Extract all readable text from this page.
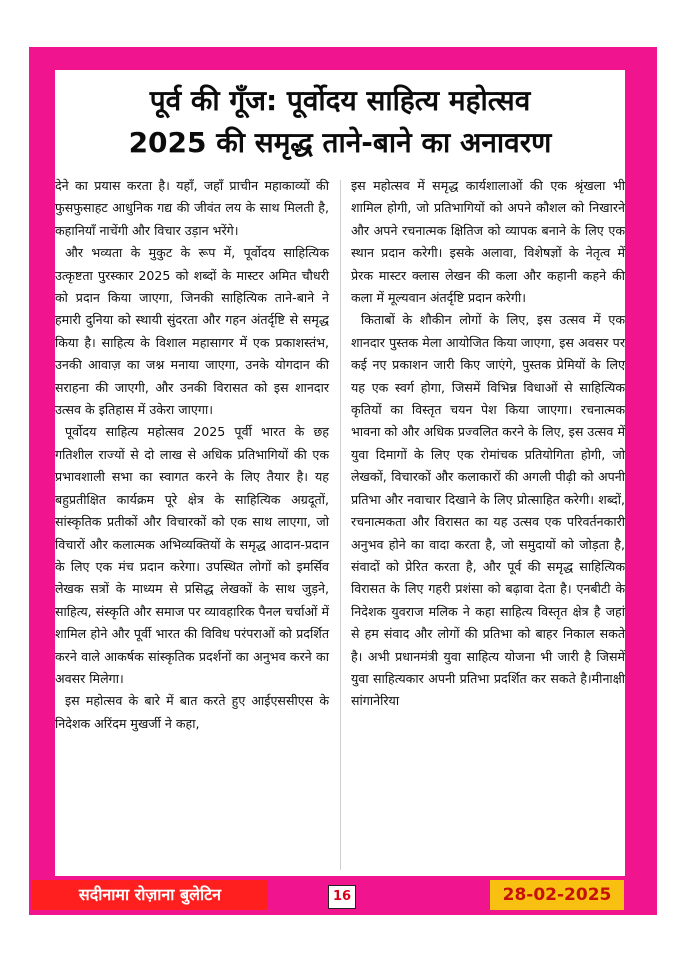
पूर्व की गूँज: पूर्वोदय साहित्य महोत्सव
2025 की समृद्ध ताने-बाने का अनावरण

देने का प्रयास करता है। यहाँ, जहाँ प्राचीन महाकाव्यों की फुसफुसाहट आधुनिक गद्य की जीवंत लय के साथ मिलती है, कहानियाँ नाचेंगी और विचार उड़ान भरेंगे।

और भव्यता के मुकुट के रूप में, पूर्वोदय साहित्यिक उत्कृष्टता पुरस्कार 2025 को शब्दों के मास्टर अमित चौधरी को प्रदान किया जाएगा, जिनकी साहित्यिक ताने-बाने ने हमारी दुनिया को स्थायी सुंदरता और गहन अंतर्दृष्टि से समृद्ध किया है। साहित्य के विशाल महासागर में एक प्रकाशस्तंभ, उनकी आवाज़ का जश्न मनाया जाएगा, उनके योगदान की सराहना की जाएगी, और उनकी विरासत को इस शानदार उत्सव के इतिहास में उकेरा जाएगा।

पूर्वोदय साहित्य महोत्सव 2025 पूर्वी भारत के छह गतिशील राज्यों से दो लाख से अधिक प्रतिभागियों की एक प्रभावशाली सभा का स्वागत करने के लिए तैयार है। यह बहुप्रतीक्षित कार्यक्रम पूरे क्षेत्र के साहित्यिक अग्रदूतों, सांस्कृतिक प्रतीकों और विचारकों को एक साथ लाएगा, जो विचारों और कलात्मक अभिव्यक्तियों के समृद्ध आदान-प्रदान के लिए एक मंच प्रदान करेगा। उपस्थित लोगों को इमर्सिव लेखक सत्रों के माध्यम से प्रसिद्ध लेखकों के साथ जुड़ने, साहित्य, संस्कृति और समाज पर व्यावहारिक पैनल चर्चाओं में शामिल होने और पूर्वी भारत की विविध परंपराओं को प्रदर्शित करने वाले आकर्षक सांस्कृतिक प्रदर्शनों का अनुभव करने का अवसर मिलेगा।

इस महोत्सव के बारे में बात करते हुए आईएससीएस के निदेशक अरिंदम मुखर्जी ने कहा,

इस महोत्सव में समृद्ध कार्यशालाओं की एक श्रृंखला भी शामिल होगी, जो प्रतिभागियों को अपने कौशल को निखारने और अपने रचनात्मक क्षितिज को व्यापक बनाने के लिए एक स्थान प्रदान करेगी। इसके अलावा, विशेषज्ञों के नेतृत्व में प्रेरक मास्टर क्लास लेखन की कला और कहानी कहने की कला में मूल्यवान अंतर्दृष्टि प्रदान करेगी।

किताबों के शौकीन लोगों के लिए, इस उत्सव में एक शानदार पुस्तक मेला आयोजित किया जाएगा, इस अवसर पर कई नए प्रकाशन जारी किए जाएंगे, पुस्तक प्रेमियों के लिए यह एक स्वर्ग होगा, जिसमें विभिन्न विधाओं से साहित्यिक कृतियों का विस्तृत चयन पेश किया जाएगा। रचनात्मक भावना को और अधिक प्रज्वलित करने के लिए, इस उत्सव में युवा दिमागों के लिए एक रोमांचक प्रतियोगिता होगी, जो लेखकों, विचारकों और कलाकारों की अगली पीढ़ी को अपनी प्रतिभा और नवाचार दिखाने के लिए प्रोत्साहित करेगी। शब्दों, रचनात्मकता और विरासत का यह उत्सव एक परिवर्तनकारी अनुभव होने का वादा करता है, जो समुदायों को जोड़ता है, संवादों को प्रेरित करता है, और पूर्व की समृद्ध साहित्यिक विरासत के लिए गहरी प्रशंसा को बढ़ावा देता है। एनबीटी के निदेशक युवराज मलिक ने कहा साहित्य विस्तृत क्षेत्र है जहां से हम संवाद और लोगों की प्रतिभा को बाहर निकाल सकते है। अभी प्रधानमंत्री युवा साहित्य योजना भी जारी है जिसमें युवा साहित्यकार अपनी प्रतिभा प्रदर्शित कर सकते है।मीनाक्षी सांगानेरिया

सदीनामा रोज़ाना बुलेटिन	16	28-02-2025
